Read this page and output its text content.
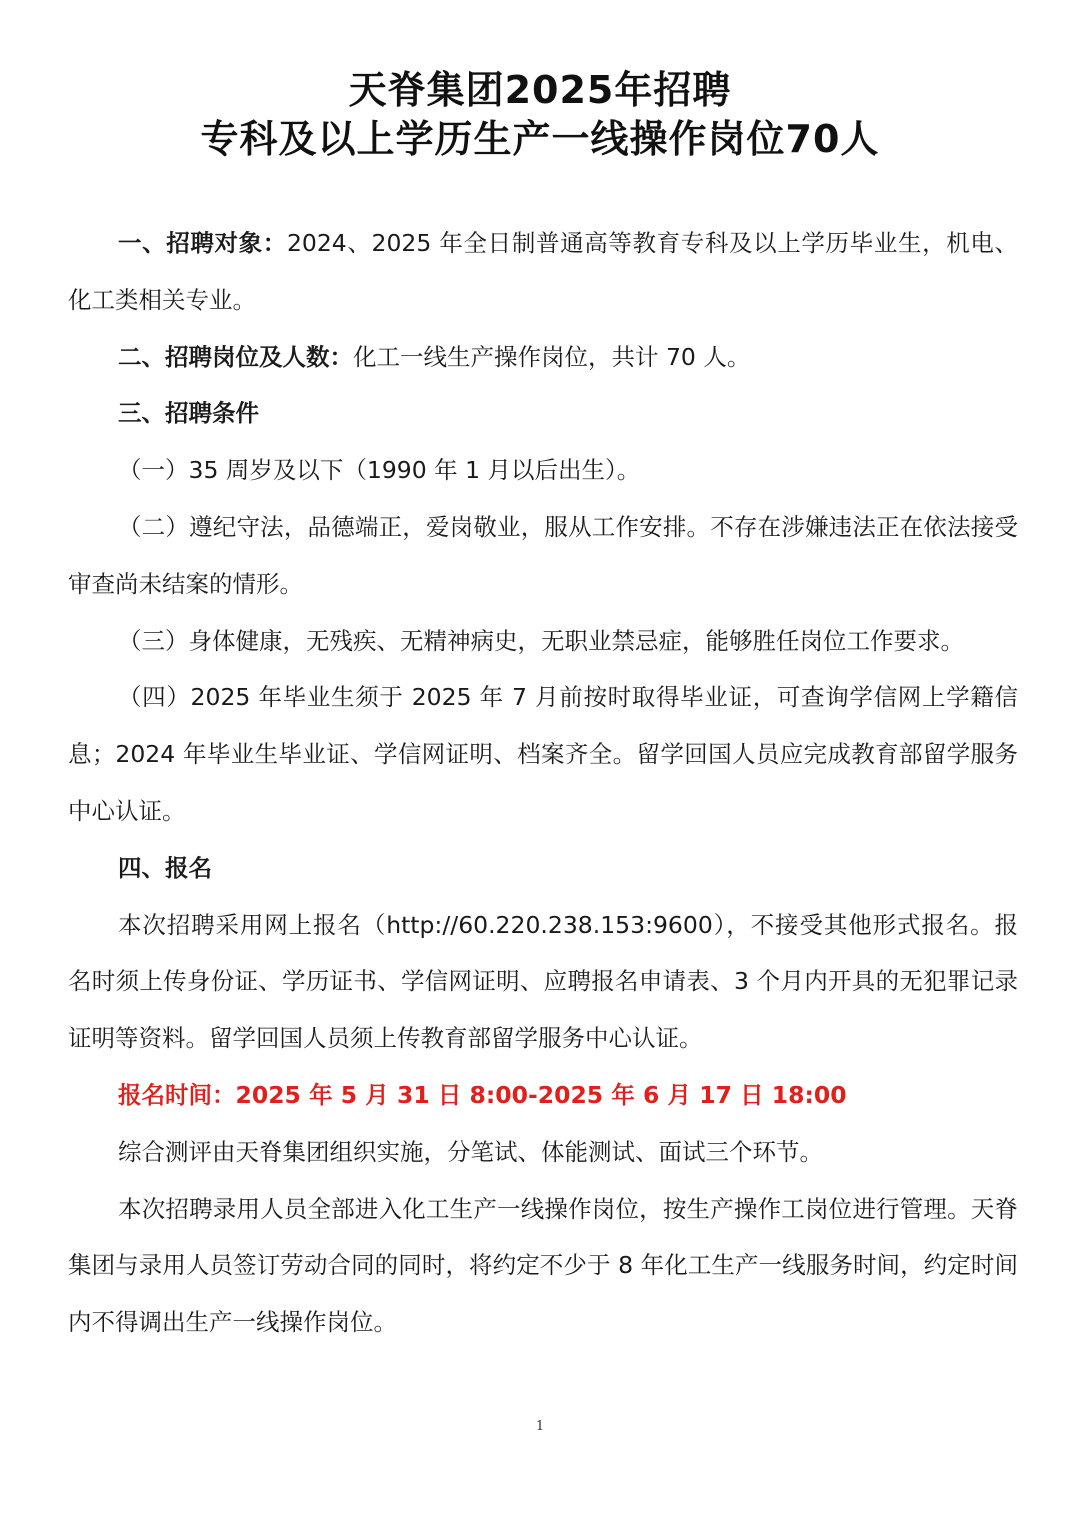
天脊集团2025年招聘
专科及以上学历生产一线操作岗位70人

一、招聘对象：2024、2025 年全日制普通高等教育专科及以上学历毕业生，机电、化工类相关专业。

二、招聘岗位及人数：化工一线生产操作岗位，共计 70 人。

三、招聘条件

（一）35 周岁及以下（1990 年 1 月以后出生）。

（二）遵纪守法，品德端正，爱岗敬业，服从工作安排。不存在涉嫌违法正在依法接受审查尚未结案的情形。

（三）身体健康，无残疾、无精神病史，无职业禁忌症，能够胜任岗位工作要求。

（四）2025 年毕业生须于 2025 年 7 月前按时取得毕业证，可查询学信网上学籍信息；2024 年毕业生毕业证、学信网证明、档案齐全。留学回国人员应完成教育部留学服务中心认证。

四、报名

本次招聘采用网上报名（http://60.220.238.153:9600），不接受其他形式报名。报名时须上传身份证、学历证书、学信网证明、应聘报名申请表、3 个月内开具的无犯罪记录证明等资料。留学回国人员须上传教育部留学服务中心认证。

报名时间：2025 年 5 月 31 日 8:00-2025 年 6 月 17 日 18:00

综合测评由天脊集团组织实施，分笔试、体能测试、面试三个环节。

本次招聘录用人员全部进入化工生产一线操作岗位，按生产操作工岗位进行管理。天脊集团与录用人员签订劳动合同的同时，将约定不少于 8 年化工生产一线服务时间，约定时间内不得调出生产一线操作岗位。

1
